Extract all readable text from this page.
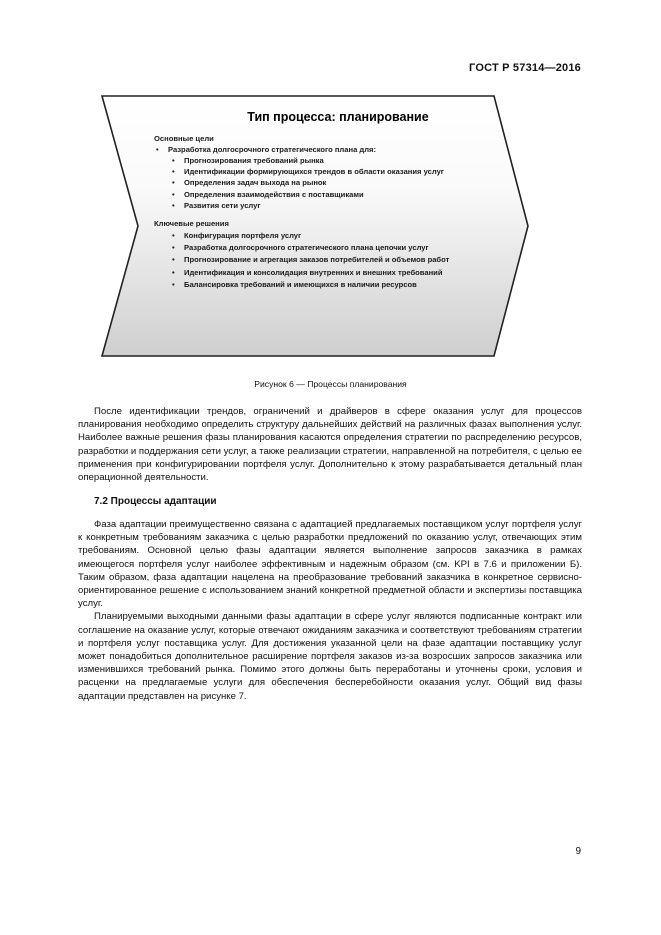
ГОСТ Р 57314—2016
Тип процесса: планирование
Основные цели
• Разработка долгосрочного стратегического плана для:
• Прогнозирования требований рынка
• Идентификации формирующихся трендов в области оказания услуг
• Определения задач выхода на рынок
• Определения взаимодействия с поставщиками
• Развития сети услуг
Ключевые решения
• Конфигурация портфеля услуг
• Разработка долгосрочного стратегического плана цепочки услуг
• Прогнозирование и агрегация заказов потребителей и объемов работ
• Идентификация и консолидация внутренних и внешних требований
• Балансировка требований и имеющихся в наличии ресурсов
Рисунок 6 — Процессы планирования

После идентификации трендов, ограничений и драйверов в сфере оказания услуг для процессов планирования необходимо определить структуру дальнейших действий на различных фазах выполнения услуг. Наиболее важные решения фазы планирования касаются определения стратегии по распределению ресурсов, разработки и поддержания сети услуг, а также реализации стратегии, направленной на потребителя, с целью ее применения при конфигурировании портфеля услуг. Дополнительно к этому разрабатывается детальный план операционной деятельности.

7.2 Процессы адаптации

Фаза адаптации преимущественно связана с адаптацией предлагаемых поставщиком услуг портфеля услуг к конкретным требованиям заказчика с целью разработки предложений по оказанию услуг, отвечающих этим требованиям. Основной целью фазы адаптации является выполнение запросов заказчика в рамках имеющегося портфеля услуг наиболее эффективным и надежным образом (см. KPI в 7.6 и приложении Б). Таким образом, фаза адаптации нацелена на преобразование требований заказчика в конкретное сервисно-ориентированное решение с использованием знаний конкретной предметной области и экспертизы поставщика услуг.

Планируемыми выходными данными фазы адаптации в сфере услуг являются подписанные контракт или соглашение на оказание услуг, которые отвечают ожиданиям заказчика и соответствуют требованиям стратегии и портфеля услуг поставщика услуг. Для достижения указанной цели на фазе адаптации поставщику услуг может понадобиться дополнительное расширение портфеля заказов из-за возросших запросов заказчика или изменившихся требований рынка. Помимо этого должны быть переработаны и уточнены сроки, условия и расценки на предлагаемые услуги для обеспечения бесперебойности оказания услуг. Общий вид фазы адаптации представлен на рисунке 7.

9
